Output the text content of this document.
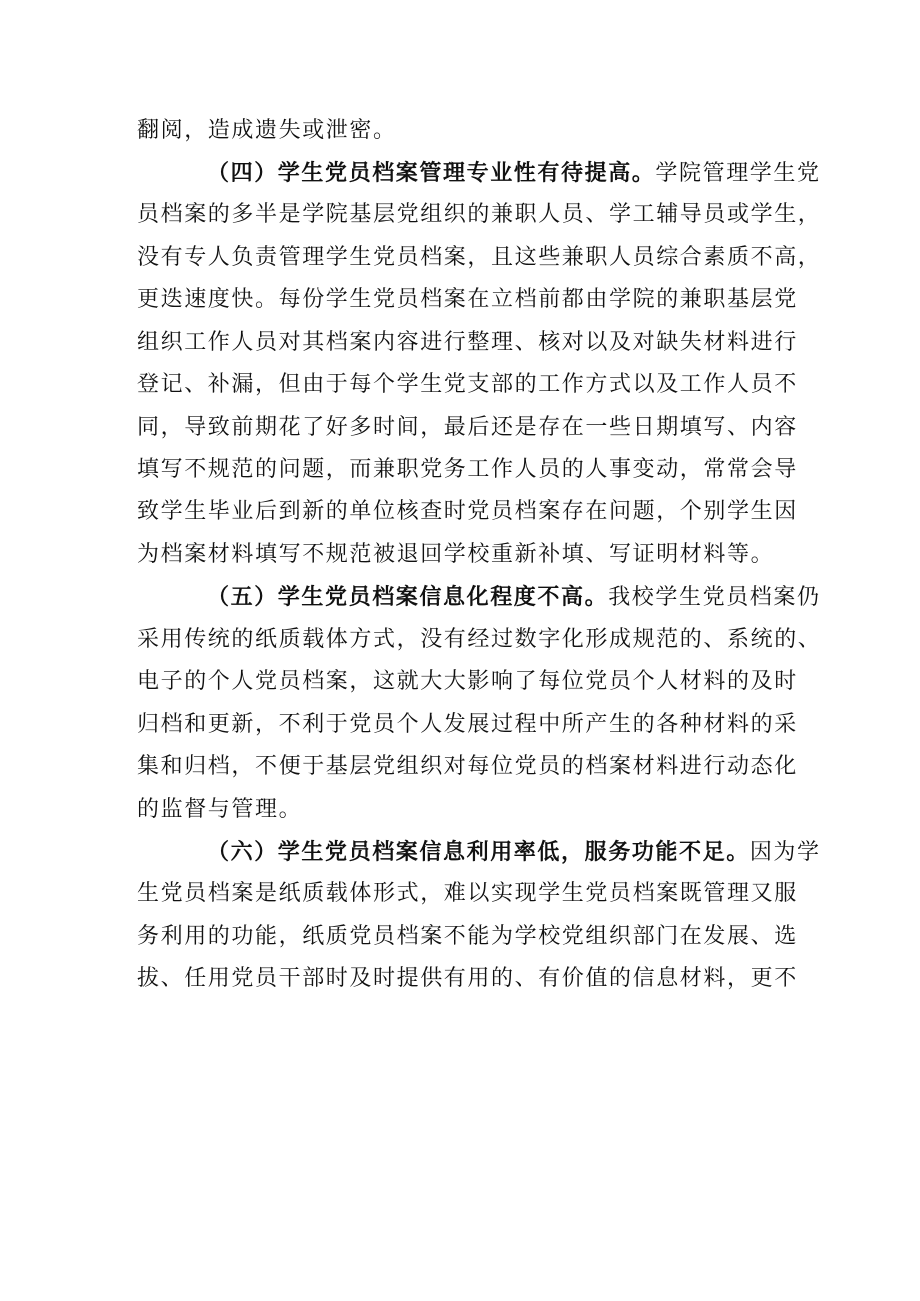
翻阅，造成遗失或泄密。
（四）学生党员档案管理专业性有待提高。学院管理学生党
员档案的多半是学院基层党组织的兼职人员、学工辅导员或学生，
没有专人负责管理学生党员档案，且这些兼职人员综合素质不高，
更迭速度快。每份学生党员档案在立档前都由学院的兼职基层党
组织工作人员对其档案内容进行整理、核对以及对缺失材料进行
登记、补漏，但由于每个学生党支部的工作方式以及工作人员不
同，导致前期花了好多时间，最后还是存在一些日期填写、内容
填写不规范的问题，而兼职党务工作人员的人事变动，常常会导
致学生毕业后到新的单位核查时党员档案存在问题，个别学生因
为档案材料填写不规范被退回学校重新补填、写证明材料等。
（五）学生党员档案信息化程度不高。我校学生党员档案仍
采用传统的纸质载体方式，没有经过数字化形成规范的、系统的、
电子的个人党员档案，这就大大影响了每位党员个人材料的及时
归档和更新，不利于党员个人发展过程中所产生的各种材料的采
集和归档，不便于基层党组织对每位党员的档案材料进行动态化
的监督与管理。
（六）学生党员档案信息利用率低，服务功能不足。因为学
生党员档案是纸质载体形式，难以实现学生党员档案既管理又服
务利用的功能，纸质党员档案不能为学校党组织部门在发展、选
拔、任用党员干部时及时提供有用的、有价值的信息材料，更不
